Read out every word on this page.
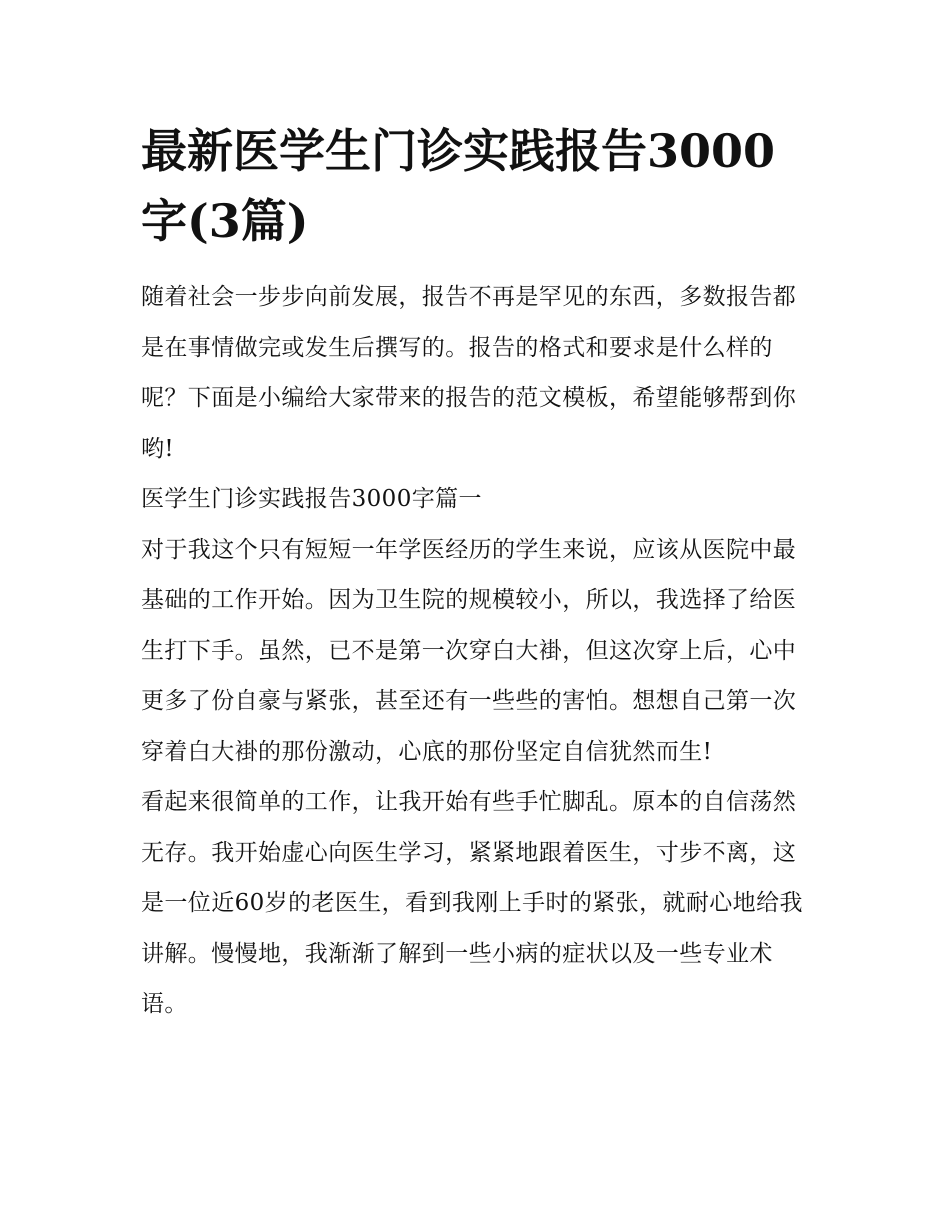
最新医学生门诊实践报告3000字(3篇)

随着社会一步步向前发展，报告不再是罕见的东西，多数报告都是在事情做完或发生后撰写的。报告的格式和要求是什么样的呢？下面是小编给大家带来的报告的范文模板，希望能够帮到你哟!

医学生门诊实践报告3000字篇一

对于我这个只有短短一年学医经历的学生来说，应该从医院中最基础的工作开始。因为卫生院的规模较小，所以，我选择了给医生打下手。虽然，已不是第一次穿白大褂，但这次穿上后，心中更多了份自豪与紧张，甚至还有一些些的害怕。想想自己第一次穿着白大褂的那份激动，心底的那份坚定自信犹然而生!

看起来很简单的工作，让我开始有些手忙脚乱。原本的自信荡然无存。我开始虚心向医生学习，紧紧地跟着医生，寸步不离，这是一位近60岁的老医生，看到我刚上手时的紧张，就耐心地给我讲解。慢慢地，我渐渐了解到一些小病的症状以及一些专业术语。
